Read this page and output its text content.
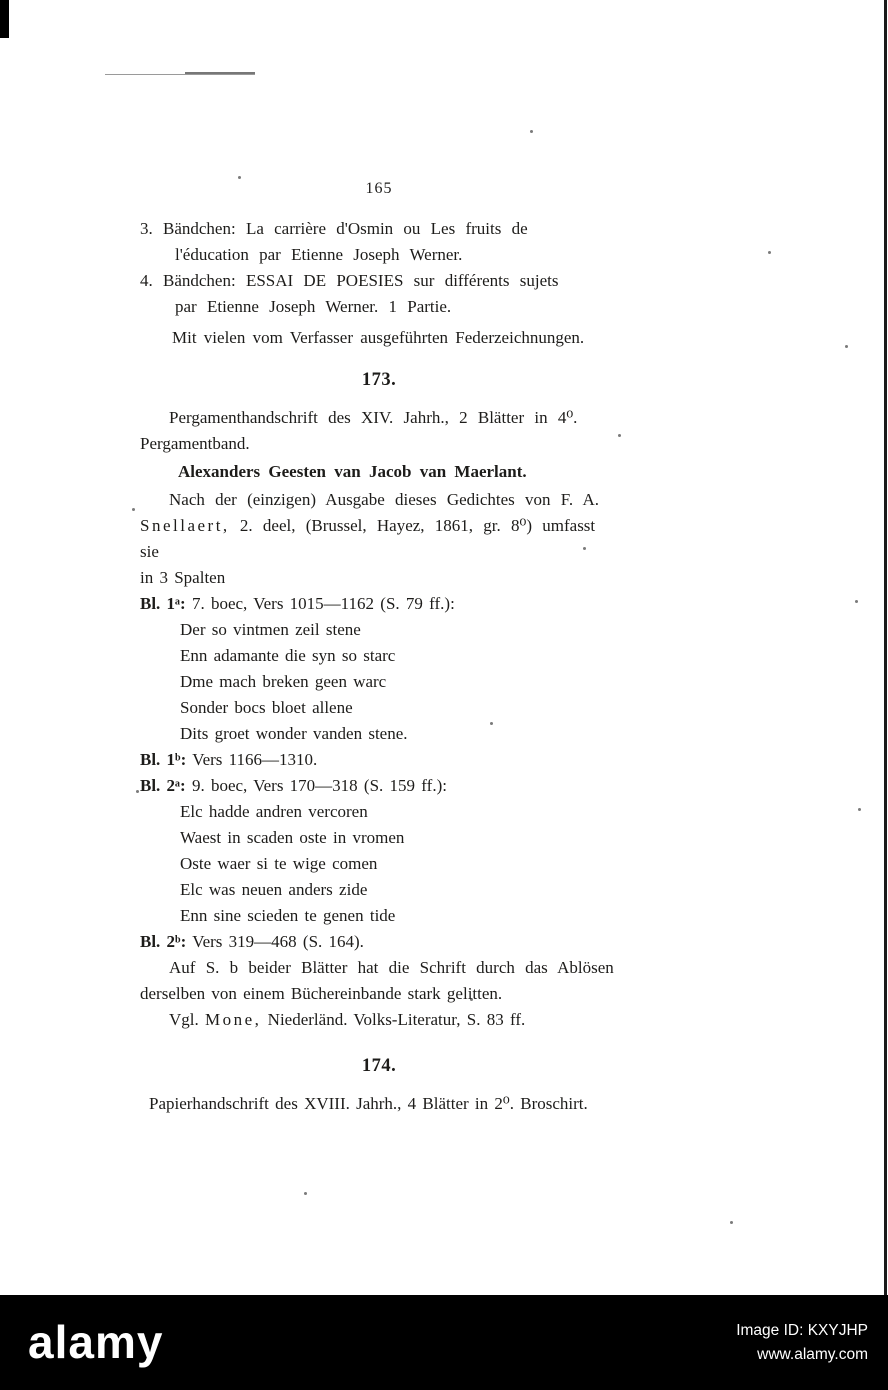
165
3. Bändchen: La carrière d'Osmin ou Les fruits de
l'éducation par Etienne Joseph Werner.
4. Bändchen: ESSAI DE POESIES sur différents sujets
par Etienne Joseph Werner. 1 Partie.
Mit vielen vom Verfasser ausgeführten Federzeichnungen.
173.
Pergamenthandschrift des XIV. Jahrh., 2 Blätter in 4⁰.
Pergamentband.
Alexanders Geesten van Jacob van Maerlant.
Nach der (einzigen) Ausgabe dieses Gedichtes von F. A.
Snellaert, 2. deel, (Brussel, Hayez, 1861, gr. 8⁰) umfasst sie
in 3 Spalten
Bl. 1ᵃ: 7. boec, Vers 1015—1162 (S. 79 ff.):
Der so vintmen zeil stene
Enn adamante die syn so starc
Dme mach breken geen warc
Sonder bocs bloet allene
Dits groet wonder vanden stene.
Bl. 1ᵇ: Vers 1166—1310.
Bl. 2ᵃ: 9. boec, Vers 170—318 (S. 159 ff.):
Elc hadde andren vercoren
Waest in scaden oste in vromen
Oste waer si te wige comen
Elc was neuen anders zide
Enn sine scieden te genen tide
Bl. 2ᵇ: Vers 319—468 (S. 164).
Auf S. b beider Blätter hat die Schrift durch das Ablösen
derselben von einem Büchereinbande stark gelitten.
Vgl. Mone, Niederländ. Volks-Literatur, S. 83 ff.
174.
Papierhandschrift des XVIII. Jahrh., 4 Blätter in 2⁰. Broschirt.
alamy	Image ID: KXYJHP
www.alamy.com
